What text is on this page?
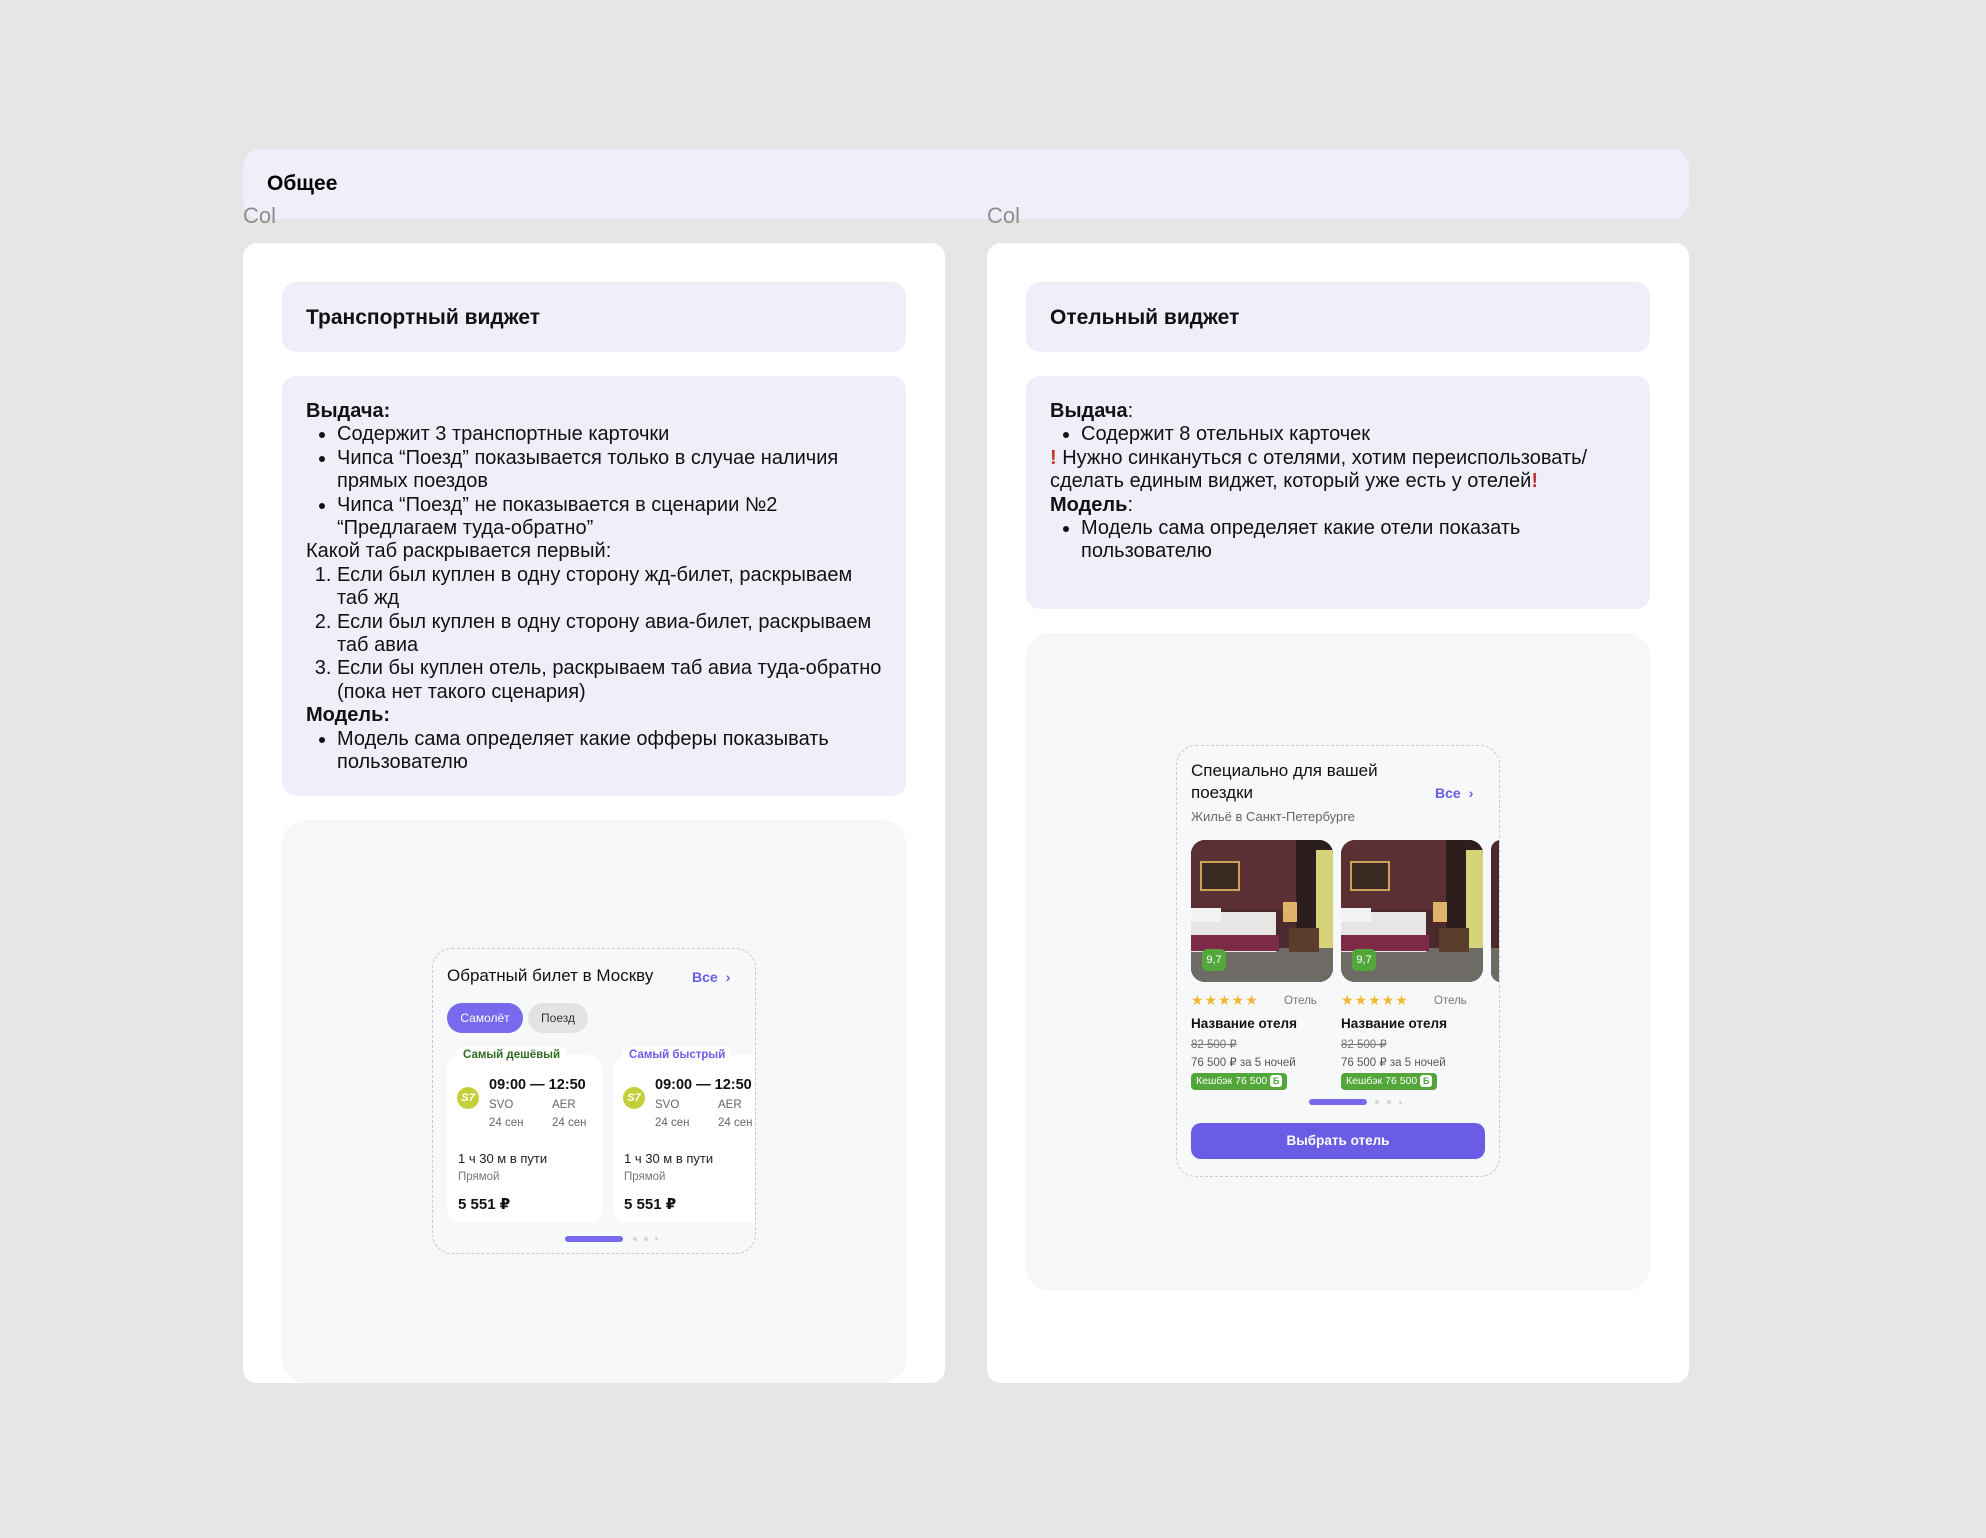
Общее
Col	Col
Транспортный виджет
Выдача:
• Содержит 3 транспортные карточки
• Чипса “Поезд” показывается только в случае наличия прямых поездов
• Чипса “Поезд” не показывается в сценарии №2 “Предлагаем туда-обратно”
Какой таб раскрывается первый:
1. Если был куплен в одну сторону жд-билет, раскрываем таб жд
2. Если был куплен в одну сторону авиа-билет, раскрываем таб авиа
3. Если бы куплен отель, раскрываем таб авиа туда-обратно (пока нет такого сценария)
Модель:
• Модель сама определяет какие офферы показывать пользователю
Обратный билет в Москву	Все ›
Самолёт	Поезд
Самый дешёвый
S7
09:00 — 12:50
SVO	AER
24 сен 24 сен
1 ч 30 м в пути
Прямой
5 551 ₽
Самый быстрый
S7
09:00 — 12:50
SVO	AER
24 сен 24 сен
1 ч 30 м в пути
Прямой
5 551 ₽
Отельный виджет
Выдача:
• Содержит 8 отельных карточек
! Нужно синкануться с отелями, хотим переиспользовать/сделать единым виджет, который уже есть у отелей!
Модель:
• Модель сама определяет какие отели показать пользователю
Специально для вашей
поездки	Все ›
Жильё в Санкт-Петербурге
9,7
★★★★★ Отель
Название отеля
82 500 ₽
76 500 ₽ за 5 ночей
Кешбэк 76 500 Б
9,7
★★★★★ Отель
Название отеля
82 500 ₽
76 500 ₽ за 5 ночей
Кешбэк 76 500 Б
Выбрать отель
